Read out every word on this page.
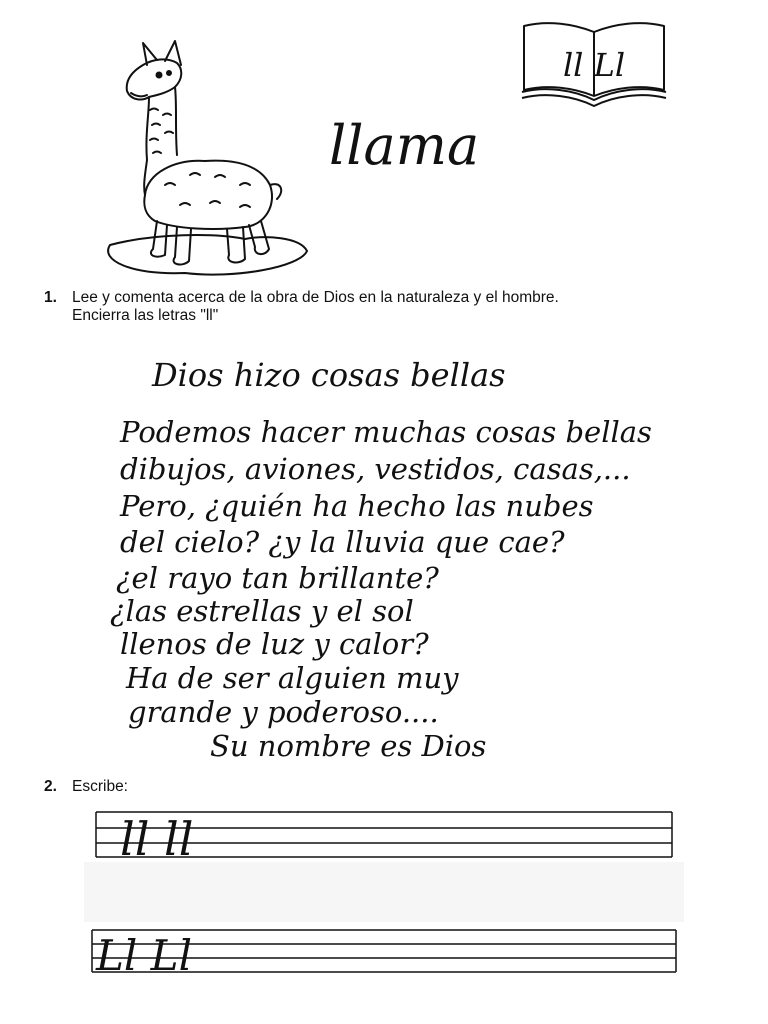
ll Ll
llama
1. Lee y comenta acerca de la obra de Dios en la naturaleza y el hombre.
Encierra las letras "ll"
Dios hizo cosas bellas
Podemos hacer muchas cosas bellas
dibujos, aviones, vestidos, casas,...
Pero, ¿quién ha hecho las nubes
del cielo? ¿y la lluvia que cae?
¿el rayo tan brillante?
¿las estrellas y el sol
llenos de luz y calor?
Ha de ser alguien muy
grande y poderoso....
Su nombre es Dios
2. Escribe:
ll ll
Ll Ll
